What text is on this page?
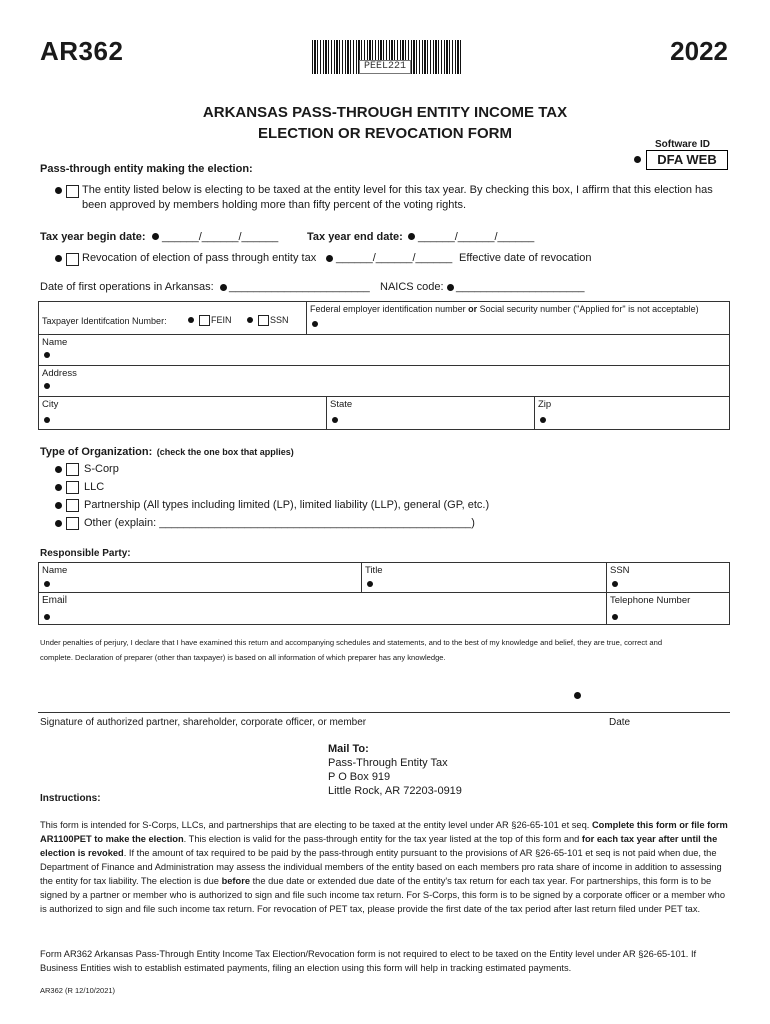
AR362
PEEL221
2022
ARKANSAS PASS-THROUGH ENTITY INCOME TAX
ELECTION OR REVOCATION FORM
Software ID
DFA WEB
Pass-through entity making the election:
The entity listed below is electing to be taxed at the entity level for this tax year. By checking this box, I affirm that this election has
been approved by members holding more than fifty percent of the voting rights.
Tax year begin date: ______/______/______	Tax year end date: ______/______/______
Revocation of election of pass through entity tax ______/______/______ Effective date of revocation
Date of first operations in Arkansas: _______________________ NAICS code: _____________________
Taxpayer Identifcation Number:	FEIN	SSN
Federal employer identification number or Social security number ("Applied for" is not acceptable)
Name
Address
City	State	Zip
Type of Organization: (check the one box that applies)
S-Corp
LLC
Partnership (All types including limited (LP), limited liability (LLP), general (GP, etc.)
Other (explain: ___________________________________________________)
Responsible Party:
Name	Title	SSN
Email	Telephone Number
Under penalties of perjury, I declare that I have examined this return and accompanying schedules and statements, and to the best of my knowledge and belief, they are true, correct and
complete. Declaration of preparer (other than taxpayer) is based on all information of which preparer has any knowledge.
Signature of authorized partner, shareholder, corporate officer, or member	Date
Mail To:
Pass-Through Entity Tax
P O Box 919
Little Rock, AR 72203-0919
Instructions:
This form is intended for S-Corps, LLCs, and partnerships that are electing to be taxed at the entity level under AR §26-65-101 et seq. Complete this form or file form AR1100PET to make the election. This election is valid for the pass-through entity for the tax year listed at the top of this form and for each tax year after until the election is revoked. If the amount of tax required to be paid by the pass-through entity pursuant to the provisions of AR §26-65-101 et seq is not paid when due, the Department of Finance and Administration may assess the individual members of the entity based on each members pro rata share of income in addition to assessing the entity for tax liability. The election is due before the due date or extended due date of the entity's tax return for each tax year. For partnerships, this form is to be signed by a partner or member who is authorized to sign and file such income tax return. For S-Corps, this form is to be signed by a corporate officer or a member who is authorized to sign and file such income tax return. For revocation of PET tax, please provide the first date of the tax period after last return filed under PET tax.
Form AR362 Arkansas Pass-Through Entity Income Tax Election/Revocation form is not required to elect to be taxed on the Entity level under AR §26-65-101. If Business Entities wish to establish estimated payments, filing an election using this form will help in tracking estimated payments.
AR362 (R 12/10/2021)
